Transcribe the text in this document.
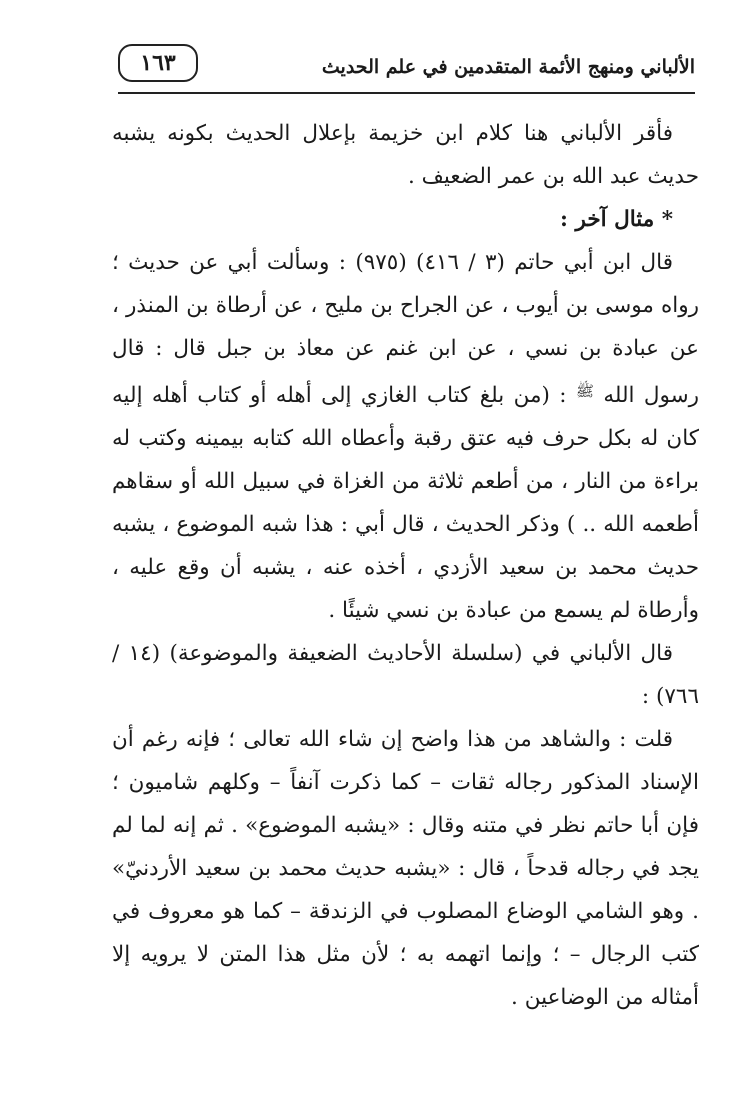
الألباني ومنهج الأئمة المتقدمين في علم الحديث
١٦٣

فأقر الألباني هنا كلام ابن خزيمة بإعلال الحديث بكونه يشبه حديث عبد الله بن عمر الضعيف .

* مثال آخر :

قال ابن أبي حاتم (٣ / ٤١٦) (٩٧٥) : وسألت أبي عن حديث ؛ رواه موسى بن أيوب ، عن الجراح بن مليح ، عن أرطاة بن المنذر ، عن عبادة بن نسي ، عن ابن غنم عن معاذ بن جبل قال : قال رسول الله $^ﷺ$ : (من بلغ كتاب الغازي إلى أهله أو كتاب أهله إليه كان له بكل حرف فيه عتق رقبة وأعطاه الله كتابه بيمينه وكتب له براءة من النار ، من أطعم ثلاثة من الغزاة في سبيل الله أو سقاهم أطعمه الله .. ) وذكر الحديث ، قال أبي : هذا شبه الموضوع ، يشبه حديث محمد بن سعيد الأزدي ، أخذه عنه ، يشبه أن وقع عليه ، وأرطاة لم يسمع من عبادة بن نسي شيئًا .

قال الألباني في (سلسلة الأحاديث الضعيفة والموضوعة) (١٤ / ٧٦٦) :

قلت : والشاهد من هذا واضح إن شاء الله تعالى ؛ فإنه رغم أن الإسناد المذكور رجاله ثقات – كما ذكرت آنفاً – وكلهم شاميون ؛ فإن أبا حاتم نظر في متنه وقال : «يشبه الموضوع» . ثم إنه لما لم يجد في رجاله قدحاً ، قال : «يشبه حديث محمد بن سعيد الأردنيّ» . وهو الشامي الوضاع المصلوب في الزندقة – كما هو معروف في كتب الرجال – ؛ وإنما اتهمه به ؛ لأن مثل هذا المتن لا يرويه إلا أمثاله من الوضاعين .
